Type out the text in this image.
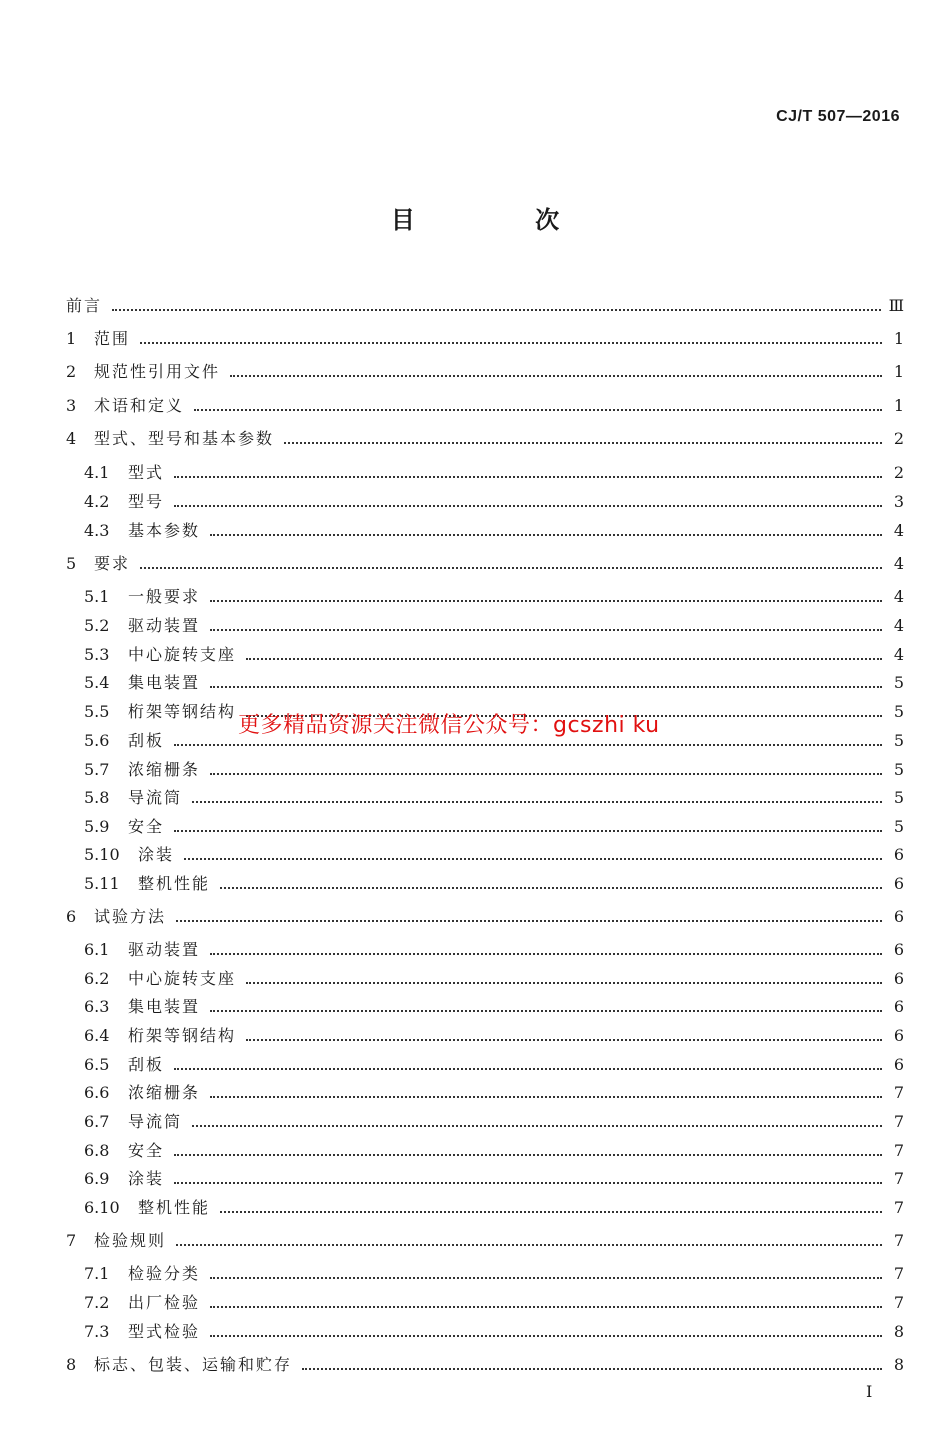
CJ/T 507—2016
目 次
前言	Ⅲ
1	范围	1
2	规范性引用文件	1
3	术语和定义	1
4	型式、型号和基本参数	2
4.1	型式	2
4.2	型号	3
4.3	基本参数	4
5	要求	4
5.1	一般要求	4
5.2	驱动装置	4
5.3	中心旋转支座	4
5.4	集电装置	5
5.5	桁架等钢结构	5
5.6	刮板	5
5.7	浓缩栅条	5
5.8	导流筒	5
5.9	安全	5
5.10	涂装	6
5.11	整机性能	6
6	试验方法	6
6.1	驱动装置	6
6.2	中心旋转支座	6
6.3	集电装置	6
6.4	桁架等钢结构	6
6.5	刮板	6
6.6	浓缩栅条	7
6.7	导流筒	7
6.8	安全	7
6.9	涂装	7
6.10	整机性能	7
7	检验规则	7
7.1	检验分类	7
7.2	出厂检验	7
7.3	型式检验	8
8	标志、包装、运输和贮存	8
更多精品资源关注微信公众号：gcszhi ku
Ⅰ
